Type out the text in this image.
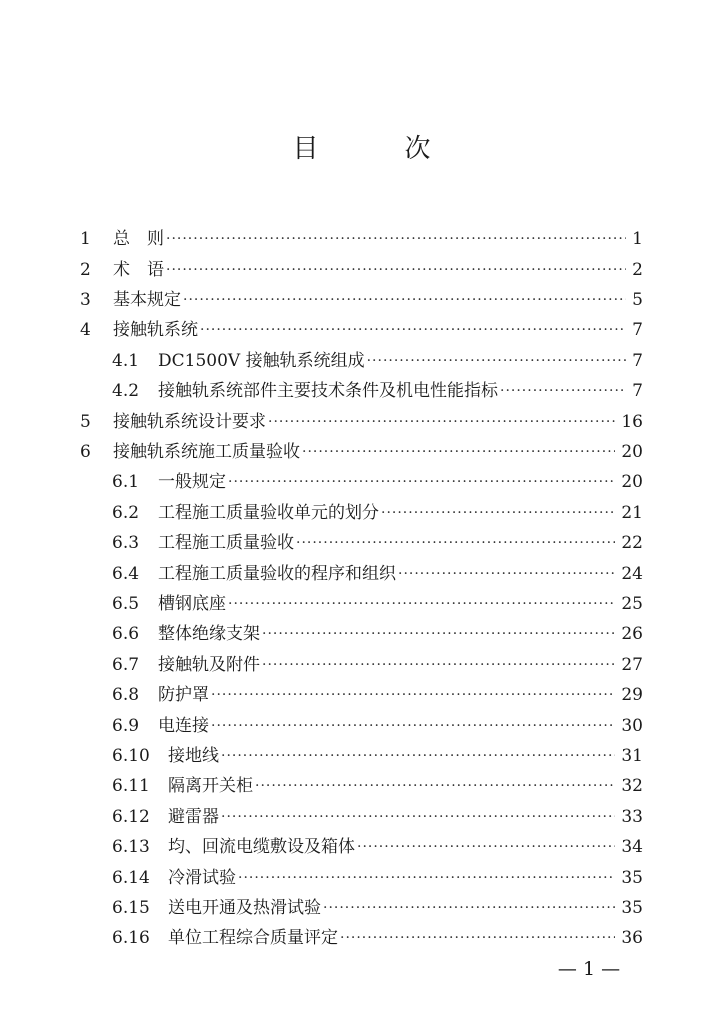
目　次
1	总　则 ·····	1
2	术　语 ·····	2
3	基本规定 ·····	5
4	接触轨系统 ·····	7
4.1	DC1500V 接触轨系统组成 ·····	7
4.2	接触轨系统部件主要技术条件及机电性能指标 ·····	7
5	接触轨系统设计要求 ·····	16
6	接触轨系统施工质量验收 ·····	20
6.1	一般规定 ·····	20
6.2	工程施工质量验收单元的划分 ·····	21
6.3	工程施工质量验收 ·····	22
6.4	工程施工质量验收的程序和组织 ·····	24
6.5	槽钢底座 ·····	25
6.6	整体绝缘支架 ·····	26
6.7	接触轨及附件 ·····	27
6.8	防护罩 ·····	29
6.9	电连接 ·····	30
6.10	接地线 ·····	31
6.11	隔离开关柜 ·····	32
6.12	避雷器 ·····	33
6.13	均、回流电缆敷设及箱体 ·····	34
6.14	冷滑试验 ·····	35
6.15	送电开通及热滑试验 ·····	35
6.16	单位工程综合质量评定 ·····	36
— 1 —
